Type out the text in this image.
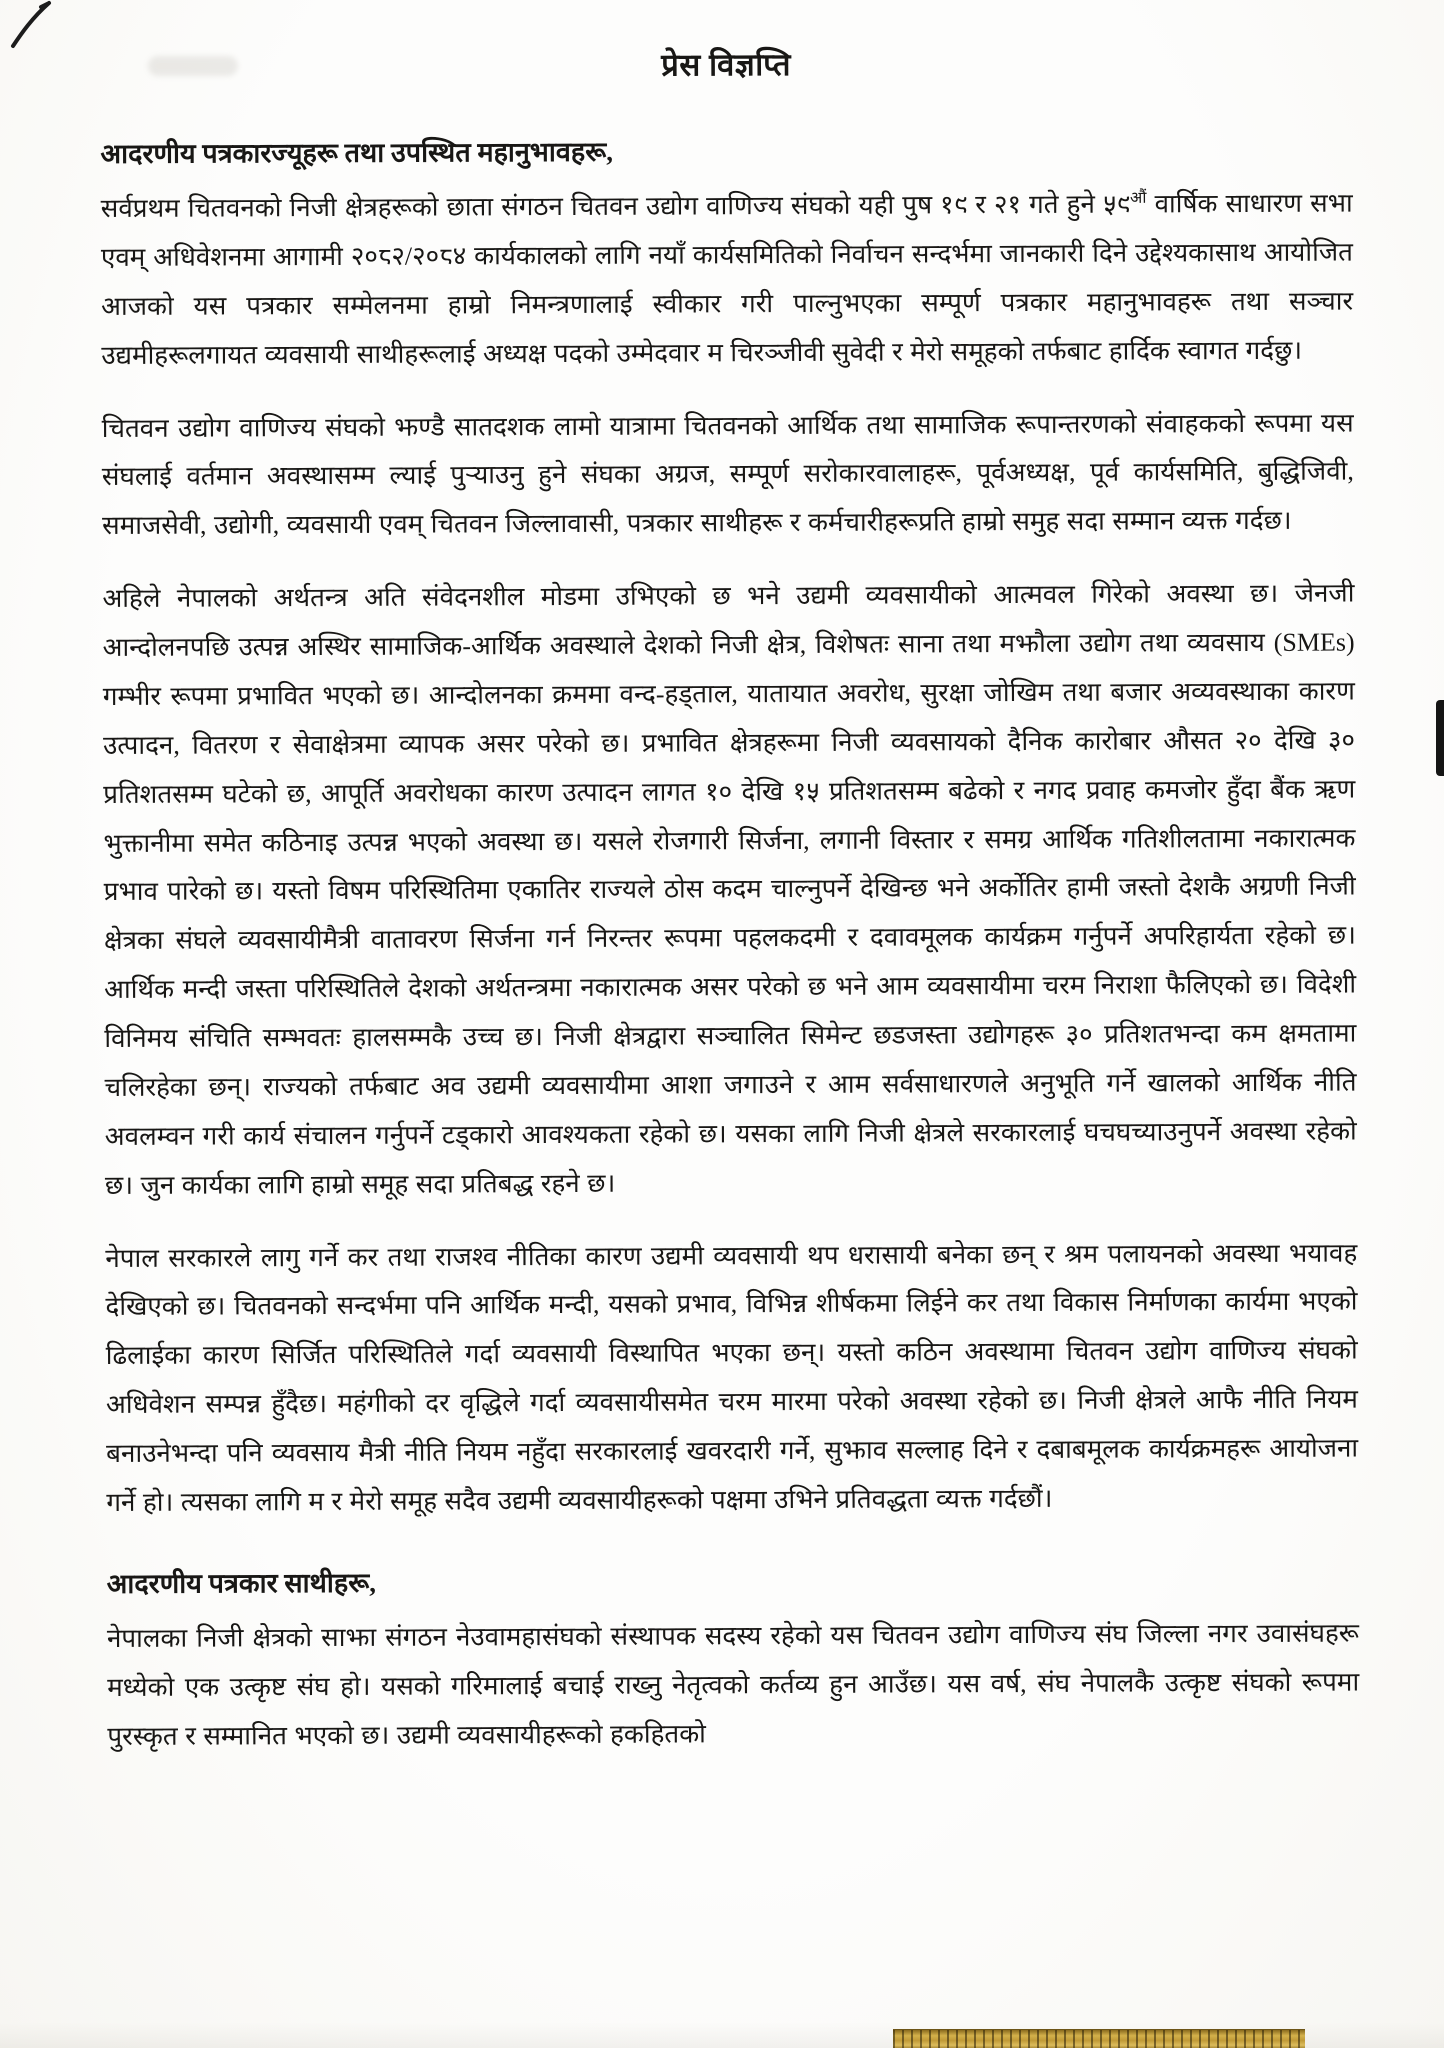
प्रेस विज्ञप्ति
आदरणीय पत्रकारज्यूहरू तथा उपस्थित महानुभावहरू,

सर्वप्रथम चितवनको निजी क्षेत्रहरूको छाता संगठन चितवन उद्योग वाणिज्य संघको यही पुष १९ र २१ गते हुने $५९^{औं}$ वार्षिक साधारण सभा एवम् अधिवेशनमा आगामी २०८२/२०८४ कार्यकालको लागि नयाँ कार्यसमितिको निर्वाचन सन्दर्भमा जानकारी दिने उद्देश्यकासाथ आयोजित आजको यस पत्रकार सम्मेलनमा हाम्रो निमन्त्रणालाई स्वीकार गरी पाल्नुभएका सम्पूर्ण पत्रकार महानुभावहरू तथा सञ्चार उद्यमीहरूलगायत व्यवसायी साथीहरूलाई अध्यक्ष पदको उम्मेदवार म चिरञ्जीवी सुवेदी र मेरो समूहको तर्फबाट हार्दिक स्वागत गर्दछु।

चितवन उद्योग वाणिज्य संघको झण्डै सातदशक लामो यात्रामा चितवनको आर्थिक तथा सामाजिक रूपान्तरणको संवाहकको रूपमा यस संघलाई वर्तमान अवस्थासम्म ल्याई पुऱ्याउनु हुने संघका अग्रज, सम्पूर्ण सरोकारवालाहरू, पूर्वअध्यक्ष, पूर्व कार्यसमिति, बुद्धिजिवी, समाजसेवी, उद्योगी, व्यवसायी एवम् चितवन जिल्लावासी, पत्रकार साथीहरू र कर्मचारीहरूप्रति हाम्रो समुह सदा सम्मान व्यक्त गर्दछ।

अहिले नेपालको अर्थतन्त्र अति संवेदनशील मोडमा उभिएको छ भने उद्यमी व्यवसायीको आत्मवल गिरेको अवस्था छ। जेनजी आन्दोलनपछि उत्पन्न अस्थिर सामाजिक-आर्थिक अवस्थाले देशको निजी क्षेत्र, विशेषतः साना तथा मझौला उद्योग तथा व्यवसाय (SMEs) गम्भीर रूपमा प्रभावित भएको छ। आन्दोलनका क्रममा वन्द-हड्ताल, यातायात अवरोध, सुरक्षा जोखिम तथा बजार अव्यवस्थाका कारण उत्पादन, वितरण र सेवाक्षेत्रमा व्यापक असर परेको छ। प्रभावित क्षेत्रहरूमा निजी व्यवसायको दैनिक कारोबार औसत २० देखि ३० प्रतिशतसम्म घटेको छ, आपूर्ति अवरोधका कारण उत्पादन लागत १० देखि १५ प्रतिशतसम्म बढेको र नगद प्रवाह कमजोर हुँदा बैंक ऋण भुक्तानीमा समेत कठिनाइ उत्पन्न भएको अवस्था छ। यसले रोजगारी सिर्जना, लगानी विस्तार र समग्र आर्थिक गतिशीलतामा नकारात्मक प्रभाव पारेको छ। यस्तो विषम परिस्थितिमा एकातिर राज्यले ठोस कदम चाल्नुपर्ने देखिन्छ भने अर्कोतिर हामी जस्तो देशकै अग्रणी निजी क्षेत्रका संघले व्यवसायीमैत्री वातावरण सिर्जना गर्न निरन्तर रूपमा पहलकदमी र दवावमूलक कार्यक्रम गर्नुपर्ने अपरिहार्यता रहेको छ। आर्थिक मन्दी जस्ता परिस्थितिले देशको अर्थतन्त्रमा नकारात्मक असर परेको छ भने आम व्यवसायीमा चरम निराशा फैलिएको छ। विदेशी विनिमय संचिति सम्भवतः हालसम्मकै उच्च छ। निजी क्षेत्रद्वारा सञ्चालित सिमेन्ट छडजस्ता उद्योगहरू ३० प्रतिशतभन्दा कम क्षमतामा चलिरहेका छन्। राज्यको तर्फबाट अव उद्यमी व्यवसायीमा आशा जगाउने र आम सर्वसाधारणले अनुभूति गर्ने खालको आर्थिक नीति अवलम्वन गरी कार्य संचालन गर्नुपर्ने टड्कारो आवश्यकता रहेको छ। यसका लागि निजी क्षेत्रले सरकारलाई घचघच्याउनुपर्ने अवस्था रहेको छ। जुन कार्यका लागि हाम्रो समूह सदा प्रतिबद्ध रहने छ।

नेपाल सरकारले लागु गर्ने कर तथा राजश्व नीतिका कारण उद्यमी व्यवसायी थप धरासायी बनेका छन् र श्रम पलायनको अवस्था भयावह देखिएको छ। चितवनको सन्दर्भमा पनि आर्थिक मन्दी, यसको प्रभाव, विभिन्न शीर्षकमा लिईने कर तथा विकास निर्माणका कार्यमा भएको ढिलाईका कारण सिर्जित परिस्थितिले गर्दा व्यवसायी विस्थापित भएका छन्। यस्तो कठिन अवस्थामा चितवन उद्योग वाणिज्य संघको अधिवेशन सम्पन्न हुँदैछ। महंगीको दर वृद्धिले गर्दा व्यवसायीसमेत चरम मारमा परेको अवस्था रहेको छ। निजी क्षेत्रले आफै नीति नियम बनाउनेभन्दा पनि व्यवसाय मैत्री नीति नियम नहुँदा सरकारलाई खवरदारी गर्ने, सुझाव सल्लाह दिने र दबाबमूलक कार्यक्रमहरू आयोजना गर्ने हो। त्यसका लागि म र मेरो समूह सदैव उद्यमी व्यवसायीहरूको पक्षमा उभिने प्रतिवद्धता व्यक्त गर्दछौं।

आदरणीय पत्रकार साथीहरू,

नेपालका निजी क्षेत्रको साझा संगठन नेउवामहासंघको संस्थापक सदस्य रहेको यस चितवन उद्योग वाणिज्य संघ जिल्ला नगर उवासंघहरू मध्येको एक उत्कृष्ट संघ हो। यसको गरिमालाई बचाई राख्नु नेतृत्वको कर्तव्य हुन आउँछ। यस वर्ष, संघ नेपालकै उत्कृष्ट संघको रूपमा पुरस्कृत र सम्मानित भएको छ। उद्यमी व्यवसायीहरूको हकहितको
